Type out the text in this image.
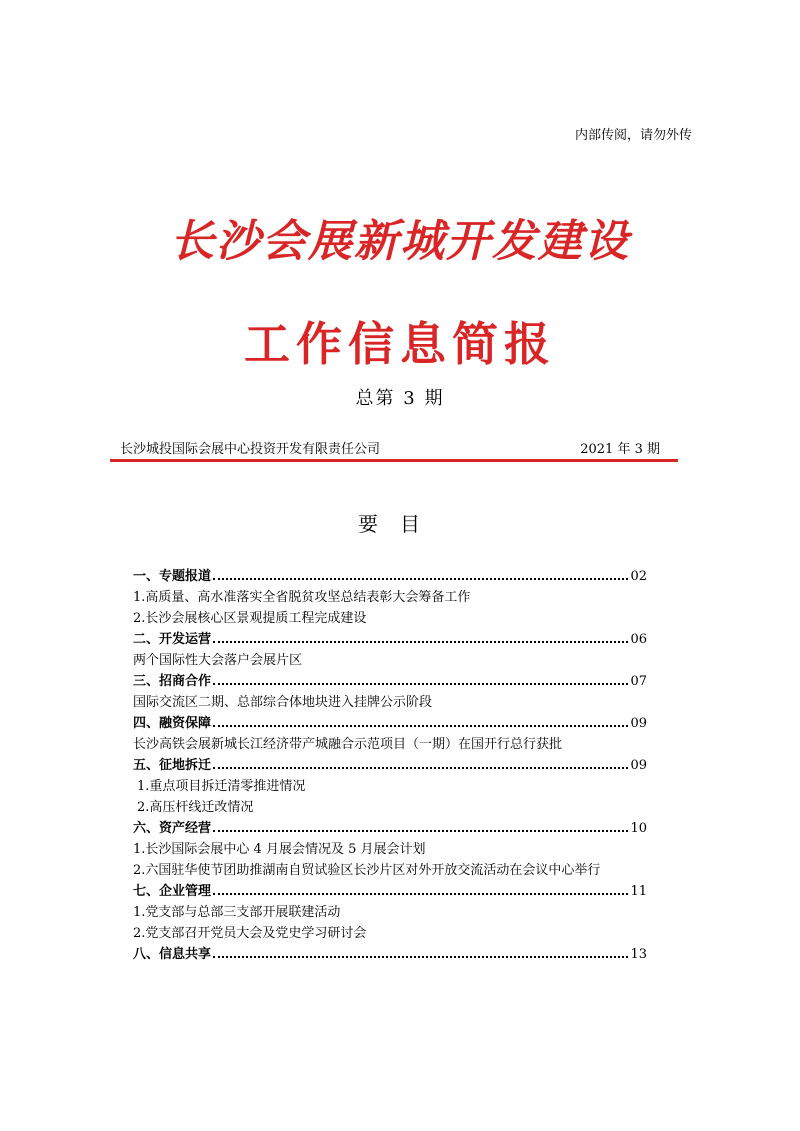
内部传阅，请勿外传
长沙会展新城开发建设
工作信息简报
总第 3 期
长沙城投国际会展中心投资开发有限责任公司	2021 年 3 期
要目
一、专题报道	02
1.高质量、高水准落实全省脱贫攻坚总结表彰大会筹备工作
2.长沙会展核心区景观提质工程完成建设
二、开发运营	06
两个国际性大会落户会展片区
三、招商合作	07
国际交流区二期、总部综合体地块进入挂牌公示阶段
四、融资保障	09
长沙高铁会展新城长江经济带产城融合示范项目（一期）在国开行总行获批
五、征地拆迁	09
1.重点项目拆迁清零推进情况
2.高压杆线迁改情况
六、资产经营	10
1.长沙国际会展中心 4 月展会情况及 5 月展会计划
2.六国驻华使节团助推湖南自贸试验区长沙片区对外开放交流活动在会议中心举行
七、企业管理	11
1.党支部与总部三支部开展联建活动
2.党支部召开党员大会及党史学习研讨会
八、信息共享	13
